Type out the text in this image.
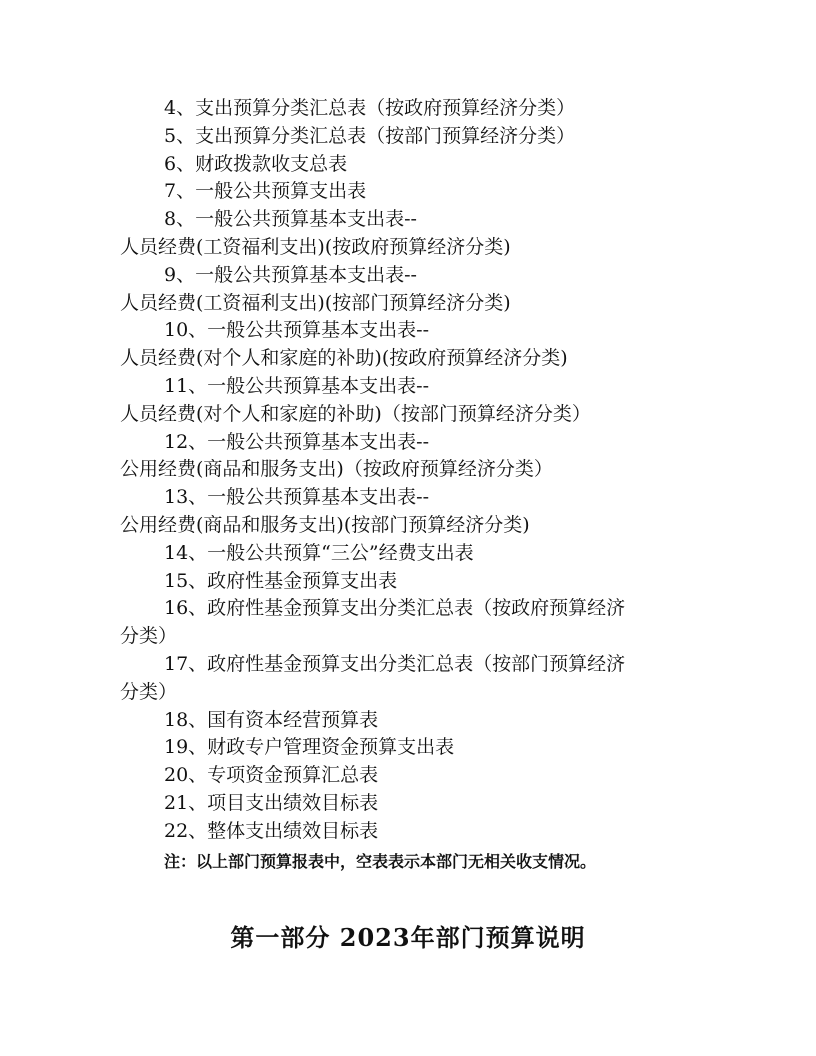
4、支出预算分类汇总表（按政府预算经济分类）
5、支出预算分类汇总表（按部门预算经济分类）
6、财政拨款收支总表
7、一般公共预算支出表
8、一般公共预算基本支出表--
人员经费(工资福利支出)(按政府预算经济分类)
9、一般公共预算基本支出表--
人员经费(工资福利支出)(按部门预算经济分类)
10、一般公共预算基本支出表--
人员经费(对个人和家庭的补助)(按政府预算经济分类)
11、一般公共预算基本支出表--
人员经费(对个人和家庭的补助)（按部门预算经济分类）
12、一般公共预算基本支出表--
公用经费(商品和服务支出)（按政府预算经济分类）
13、一般公共预算基本支出表--
公用经费(商品和服务支出)(按部门预算经济分类)
14、一般公共预算“三公”经费支出表
15、政府性基金预算支出表
16、政府性基金预算支出分类汇总表（按政府预算经济
分类）
17、政府性基金预算支出分类汇总表（按部门预算经济
分类）
18、国有资本经营预算表
19、财政专户管理资金预算支出表
20、专项资金预算汇总表
21、项目支出绩效目标表
22、整体支出绩效目标表
注：以上部门预算报表中，空表表示本部门无相关收支情况。
第一部分 2023年部门预算说明
